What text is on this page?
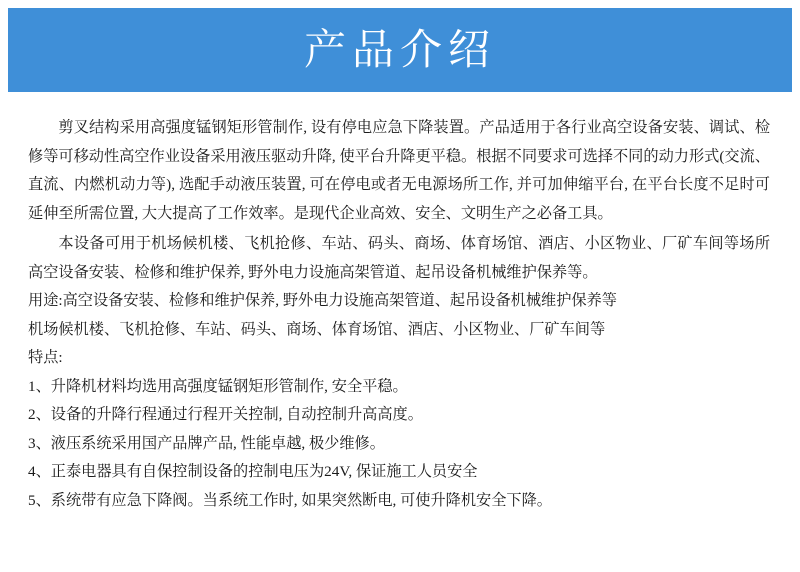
产品介绍

剪叉结构采用高强度锰钢矩形管制作, 设有停电应急下降装置。产品适用于各行业高空设备安装、调试、检修等可移动性高空作业设备采用液压驱动升降, 使平台升降更平稳。根据不同要求可选择不同的动力形式(交流、直流、内燃机动力等), 选配手动液压装置, 可在停电或者无电源场所工作, 并可加伸缩平台, 在平台长度不足时可延伸至所需位置, 大大提高了工作效率。是现代企业高效、安全、文明生产之必备工具。

本设备可用于机场候机楼、飞机抢修、车站、码头、商场、体育场馆、酒店、小区物业、厂矿车间等场所高空设备安装、检修和维护保养, 野外电力设施高架管道、起吊设备机械维护保养等。

用途:高空设备安装、检修和维护保养, 野外电力设施高架管道、起吊设备机械维护保养等

机场候机楼、飞机抢修、车站、码头、商场、体育场馆、酒店、小区物业、厂矿车间等

特点:

1、升降机材料均选用高强度锰钢矩形管制作, 安全平稳。

2、设备的升降行程通过行程开关控制, 自动控制升高高度。

3、液压系统采用国产品牌产品, 性能卓越, 极少维修。

4、正泰电器具有自保控制设备的控制电压为24V, 保证施工人员安全

5、系统带有应急下降阀。当系统工作时, 如果突然断电, 可使升降机安全下降。
